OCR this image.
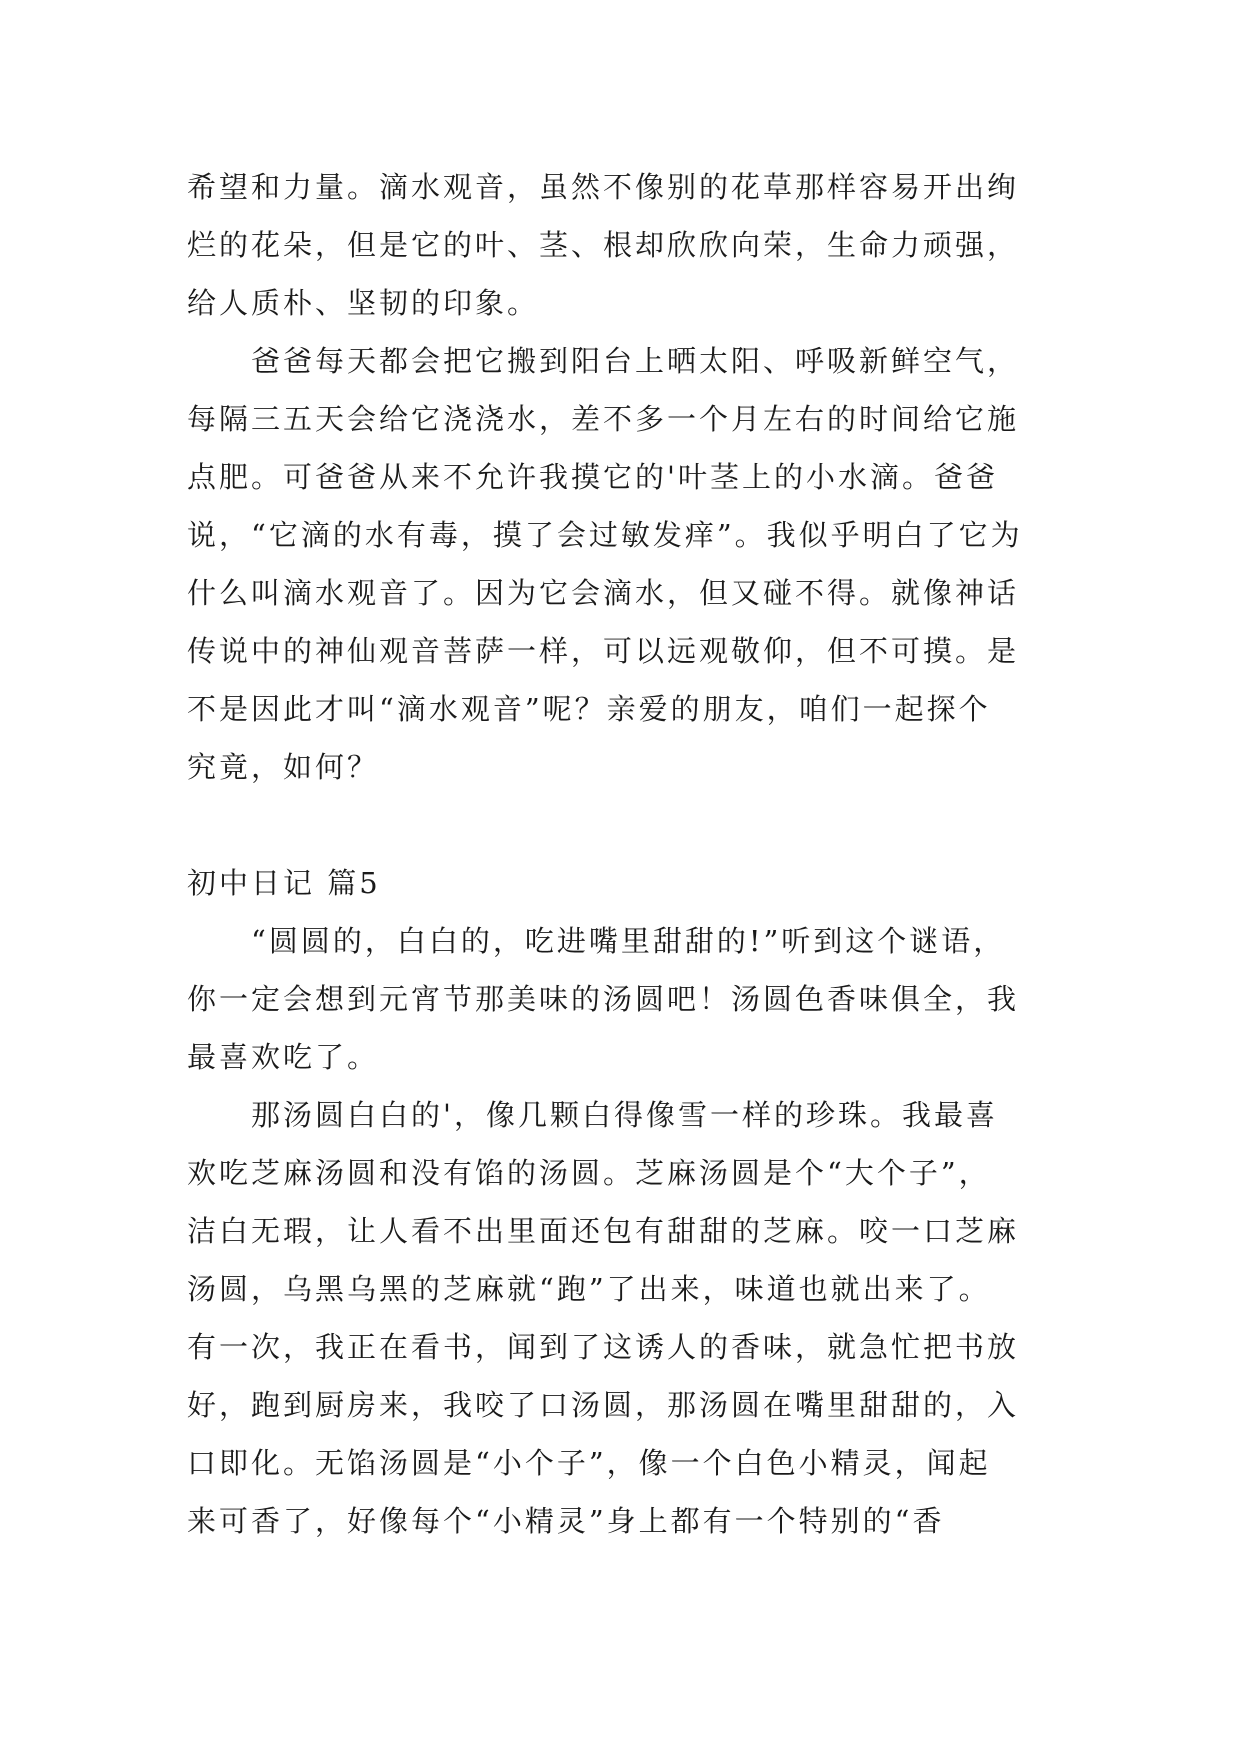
希望和力量。滴水观音，虽然不像别的花草那样容易开出绚

烂的花朵，但是它的叶、茎、根却欣欣向荣，生命力顽强，

给人质朴、坚韧的印象。

爸爸每天都会把它搬到阳台上晒太阳、呼吸新鲜空气，

每隔三五天会给它浇浇水，差不多一个月左右的时间给它施

点肥。可爸爸从来不允许我摸它的'叶茎上的小水滴。爸爸

说，“它滴的水有毒，摸了会过敏发痒”。我似乎明白了它为

什么叫滴水观音了。因为它会滴水，但又碰不得。就像神话

传说中的神仙观音菩萨一样，可以远观敬仰，但不可摸。是

不是因此才叫“滴水观音”呢？亲爱的朋友，咱们一起探个

究竟，如何？

初中日记 篇5

“圆圆的，白白的，吃进嘴里甜甜的!”听到这个谜语，

你一定会想到元宵节那美味的汤圆吧！汤圆色香味俱全，我

最喜欢吃了。

那汤圆白白的'，像几颗白得像雪一样的珍珠。我最喜

欢吃芝麻汤圆和没有馅的汤圆。芝麻汤圆是个“大个子”，

洁白无瑕，让人看不出里面还包有甜甜的芝麻。咬一口芝麻

汤圆，乌黑乌黑的芝麻就“跑”了出来，味道也就出来了。

有一次，我正在看书，闻到了这诱人的香味，就急忙把书放

好，跑到厨房来，我咬了口汤圆，那汤圆在嘴里甜甜的，入

口即化。无馅汤圆是“小个子”，像一个白色小精灵，闻起

来可香了，好像每个“小精灵”身上都有一个特别的“香
